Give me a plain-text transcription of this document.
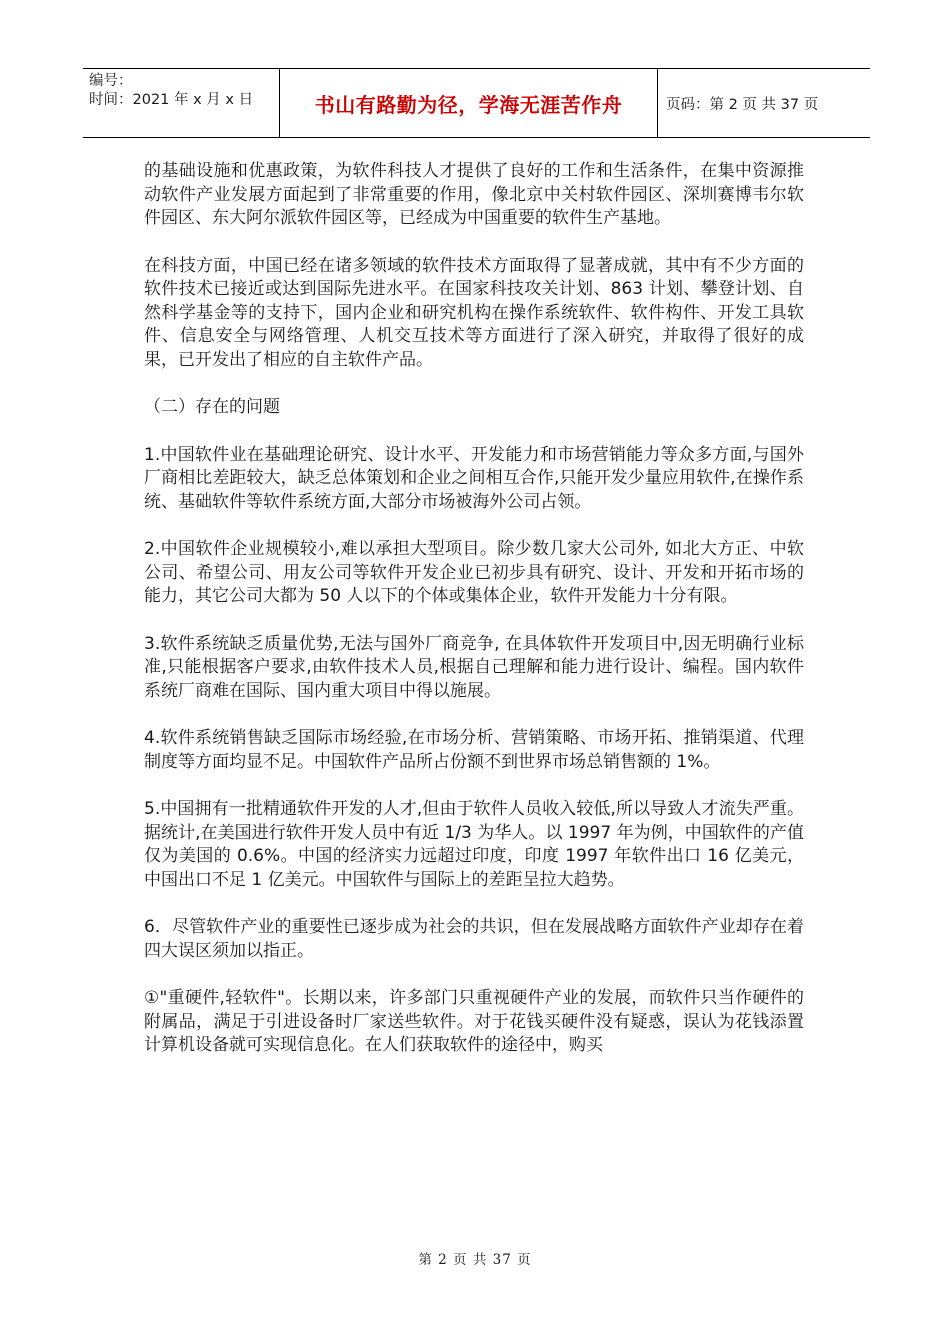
编号：
时间：2021 年 x 月 x 日	书山有路勤为径，学海无涯苦作舟	页码：第 2 页 共 37 页

的基础设施和优惠政策，为软件科技人才提供了良好的工作和生活条件，在集中资源推动软件产业发展方面起到了非常重要的作用，像北京中关村软件园区、深圳赛博韦尔软件园区、东大阿尔派软件园区等，已经成为中国重要的软件生产基地。

在科技方面，中国已经在诸多领域的软件技术方面取得了显著成就，其中有不少方面的软件技术已接近或达到国际先进水平。在国家科技攻关计划、863 计划、攀登计划、自然科学基金等的支持下，国内企业和研究机构在操作系统软件、软件构件、开发工具软件、信息安全与网络管理、人机交互技术等方面进行了深入研究，并取得了很好的成果，已开发出了相应的自主软件产品。

（二）存在的问题

1.中国软件业在基础理论研究、设计水平、开发能力和市场营销能力等众多方面,与国外厂商相比差距较大，缺乏总体策划和企业之间相互合作,只能开发少量应用软件,在操作系统、基础软件等软件系统方面,大部分市场被海外公司占领。

2.中国软件企业规模较小,难以承担大型项目。除少数几家大公司外, 如北大方正、中软公司、希望公司、用友公司等软件开发企业已初步具有研究、设计、开发和开拓市场的能力，其它公司大都为 50 人以下的个体或集体企业，软件开发能力十分有限。

3.软件系统缺乏质量优势,无法与国外厂商竞争, 在具体软件开发项目中,因无明确行业标准,只能根据客户要求,由软件技术人员,根据自己理解和能力进行设计、编程。国内软件系统厂商难在国际、国内重大项目中得以施展。

4.软件系统销售缺乏国际市场经验,在市场分析、营销策略、市场开拓、推销渠道、代理制度等方面均显不足。中国软件产品所占份额不到世界市场总销售额的 1%。

5.中国拥有一批精通软件开发的人才,但由于软件人员收入较低,所以导致人才流失严重。据统计,在美国进行软件开发人员中有近 1/3 为华人。以 1997 年为例，中国软件的产值仅为美国的 0.6%。中国的经济实力远超过印度，印度 1997 年软件出口 16 亿美元，中国出口不足 1 亿美元。中国软件与国际上的差距呈拉大趋势。

6．尽管软件产业的重要性已逐步成为社会的共识，但在发展战略方面软件产业却存在着四大误区须加以指正。

①"重硬件,轻软件"。长期以来，许多部门只重视硬件产业的发展，而软件只当作硬件的附属品，满足于引进设备时厂家送些软件。对于花钱买硬件没有疑惑，误认为花钱添置计算机设备就可实现信息化。在人们获取软件的途径中，购买

第 2 页 共 37 页
